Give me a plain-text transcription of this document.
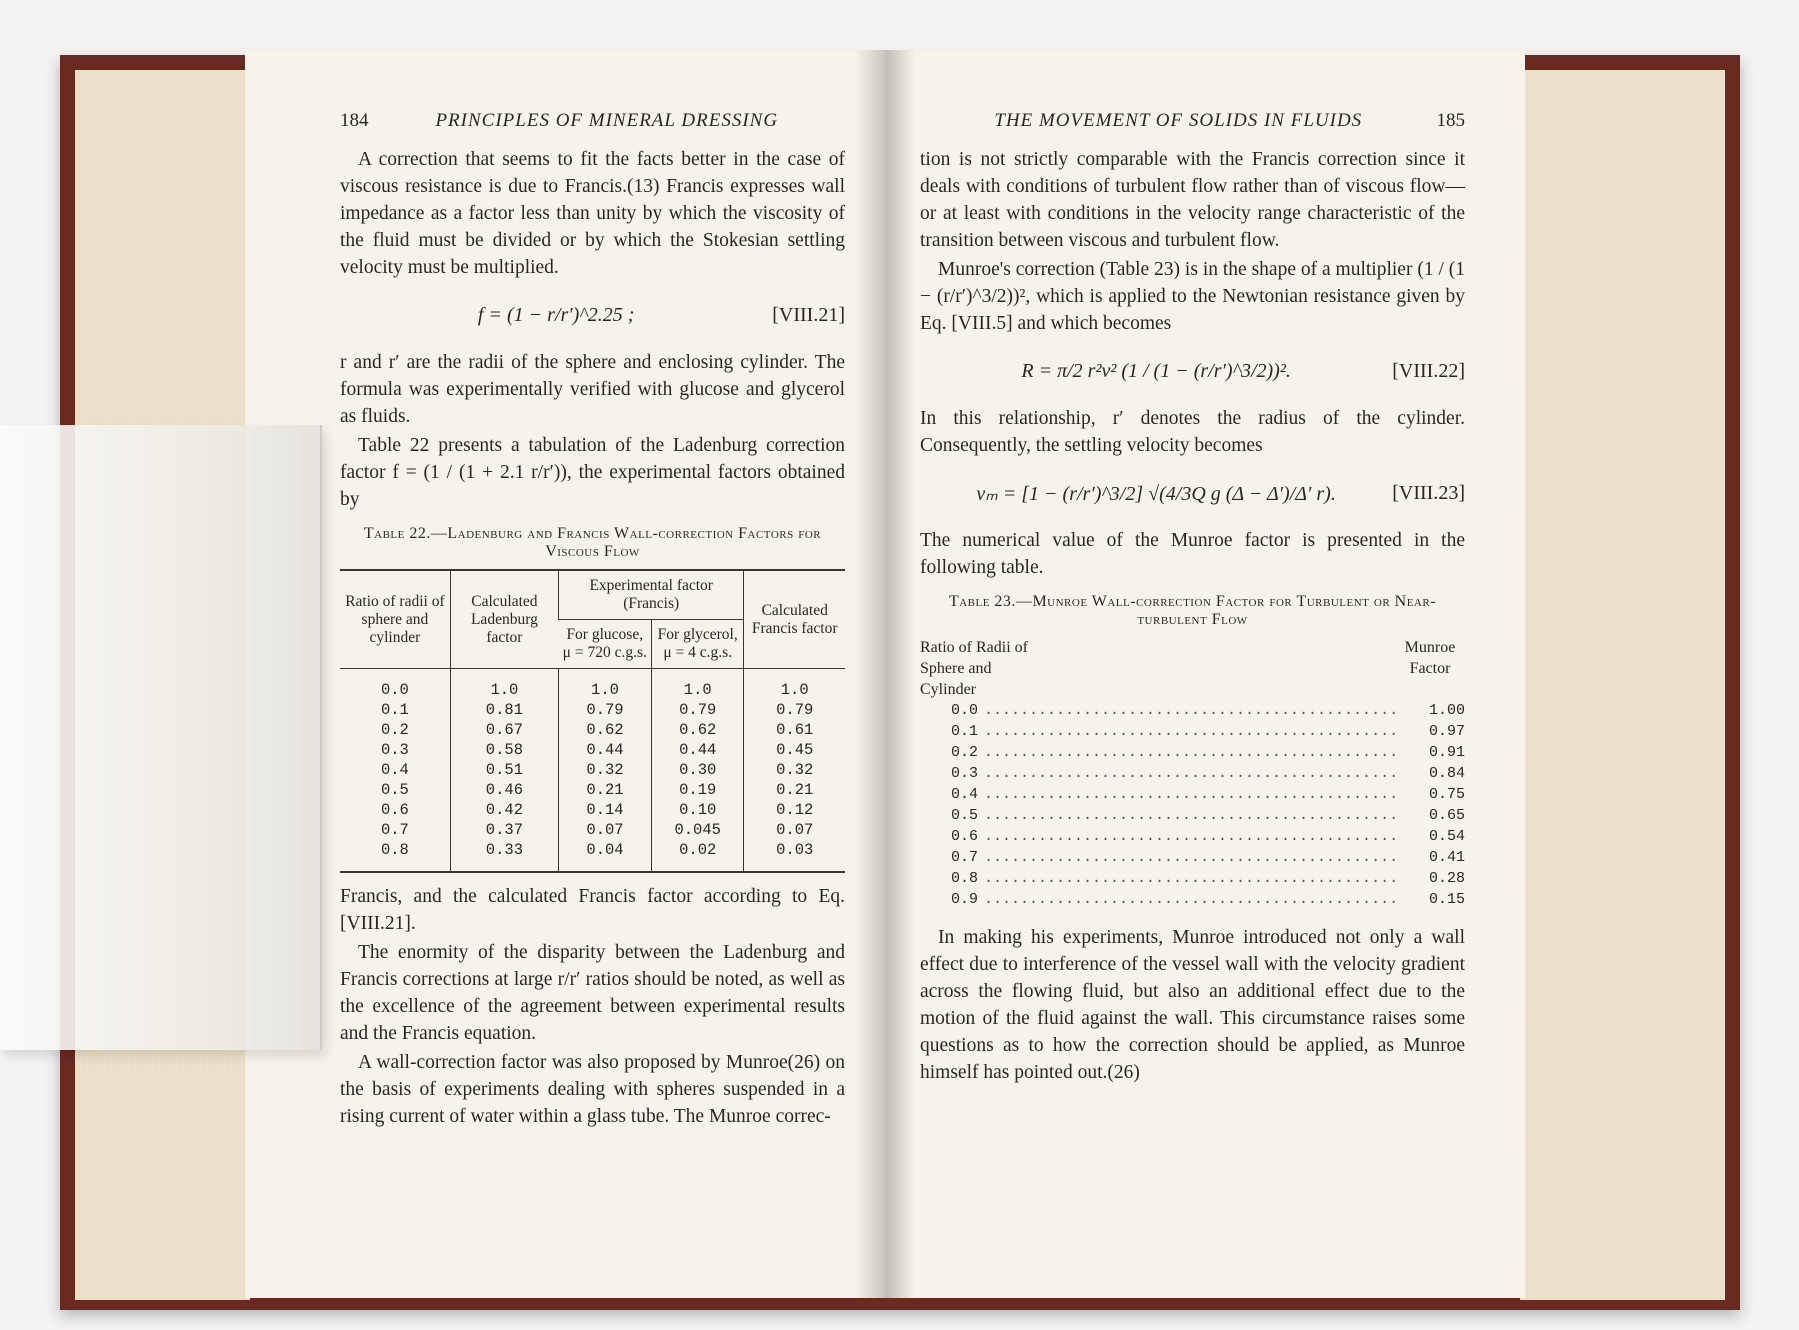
184	PRINCIPLES OF MINERAL DRESSING

A correction that seems to fit the facts better in the case of viscous resistance is due to Francis.(13) Francis expresses wall impedance as a factor less than unity by which the viscosity of the fluid must be divided or by which the Stokesian settling velocity must be multiplied.

f = (1 − r/r′)^2.25 ;	[VIII.21]

r and r′ are the radii of the sphere and enclosing cylinder. The formula was experimentally verified with glucose and glycerol as fluids.

Table 22 presents a tabulation of the Ladenburg correction factor f = (1 / (1 + 2.1 r/r′)), the experimental factors obtained by

Table 22.—Ladenburg and Francis Wall-correction Factors for Viscous Flow
Ratio of radii of sphere and cylinder	Calculated Ladenburg factor	Experimental factor (Francis)		Calculated Francis factor
		For glucose, μ = 720 c.g.s.	For glycerol, μ = 4 c.g.s.	
0.0	1.0	1.0	1.0	1.0
0.1	0.81	0.79	0.79	0.79
0.2	0.67	0.62	0.62	0.61
0.3	0.58	0.44	0.44	0.45
0.4	0.51	0.32	0.30	0.32
0.5	0.46	0.21	0.19	0.21
0.6	0.42	0.14	0.10	0.12
0.7	0.37	0.07	0.045	0.07
0.8	0.33	0.04	0.02	0.03

Francis, and the calculated Francis factor according to Eq. [VIII.21].

The enormity of the disparity between the Ladenburg and Francis corrections at large r/r′ ratios should be noted, as well as the excellence of the agreement between experimental results and the Francis equation.

A wall-correction factor was also proposed by Munroe(26) on the basis of experiments dealing with spheres suspended in a rising current of water within a glass tube. The Munroe correc-

THE MOVEMENT OF SOLIDS IN FLUIDS	185

tion is not strictly comparable with the Francis correction since it deals with conditions of turbulent flow rather than of viscous flow—or at least with conditions in the velocity range characteristic of the transition between viscous and turbulent flow.

Munroe's correction (Table 23) is in the shape of a multiplier (1 / (1 − (r/r′)^3/2))², which is applied to the Newtonian resistance given by Eq. [VIII.5] and which becomes

R = π/2 r²v² (1 / (1 − (r/r′)^3/2))².	[VIII.22]

In this relationship, r′ denotes the radius of the cylinder. Consequently, the settling velocity becomes

vₘ = [1 − (r/r′)^3/2] √(4/3Q g (Δ − Δ′)/Δ′ r).	[VIII.23]

The numerical value of the Munroe factor is presented in the following table.

Table 23.—Munroe Wall-correction Factor for Turbulent or Near-turbulent Flow
Ratio of Radii of Sphere and Cylinder
Munroe Factor
0.0 .....	1.00
0.1 .....	0.97
0.2 .....	0.91
0.3 .....	0.84
0.4 .....	0.75
0.5 .....	0.65
0.6 .....	0.54
0.7 .....	0.41
0.8 .....	0.28
0.9 .....	0.15

In making his experiments, Munroe introduced not only a wall effect due to interference of the vessel wall with the velocity gradient across the flowing fluid, but also an additional effect due to the motion of the fluid against the wall. This circumstance raises some questions as to how the correction should be applied, as Munroe himself has pointed out.(26)
